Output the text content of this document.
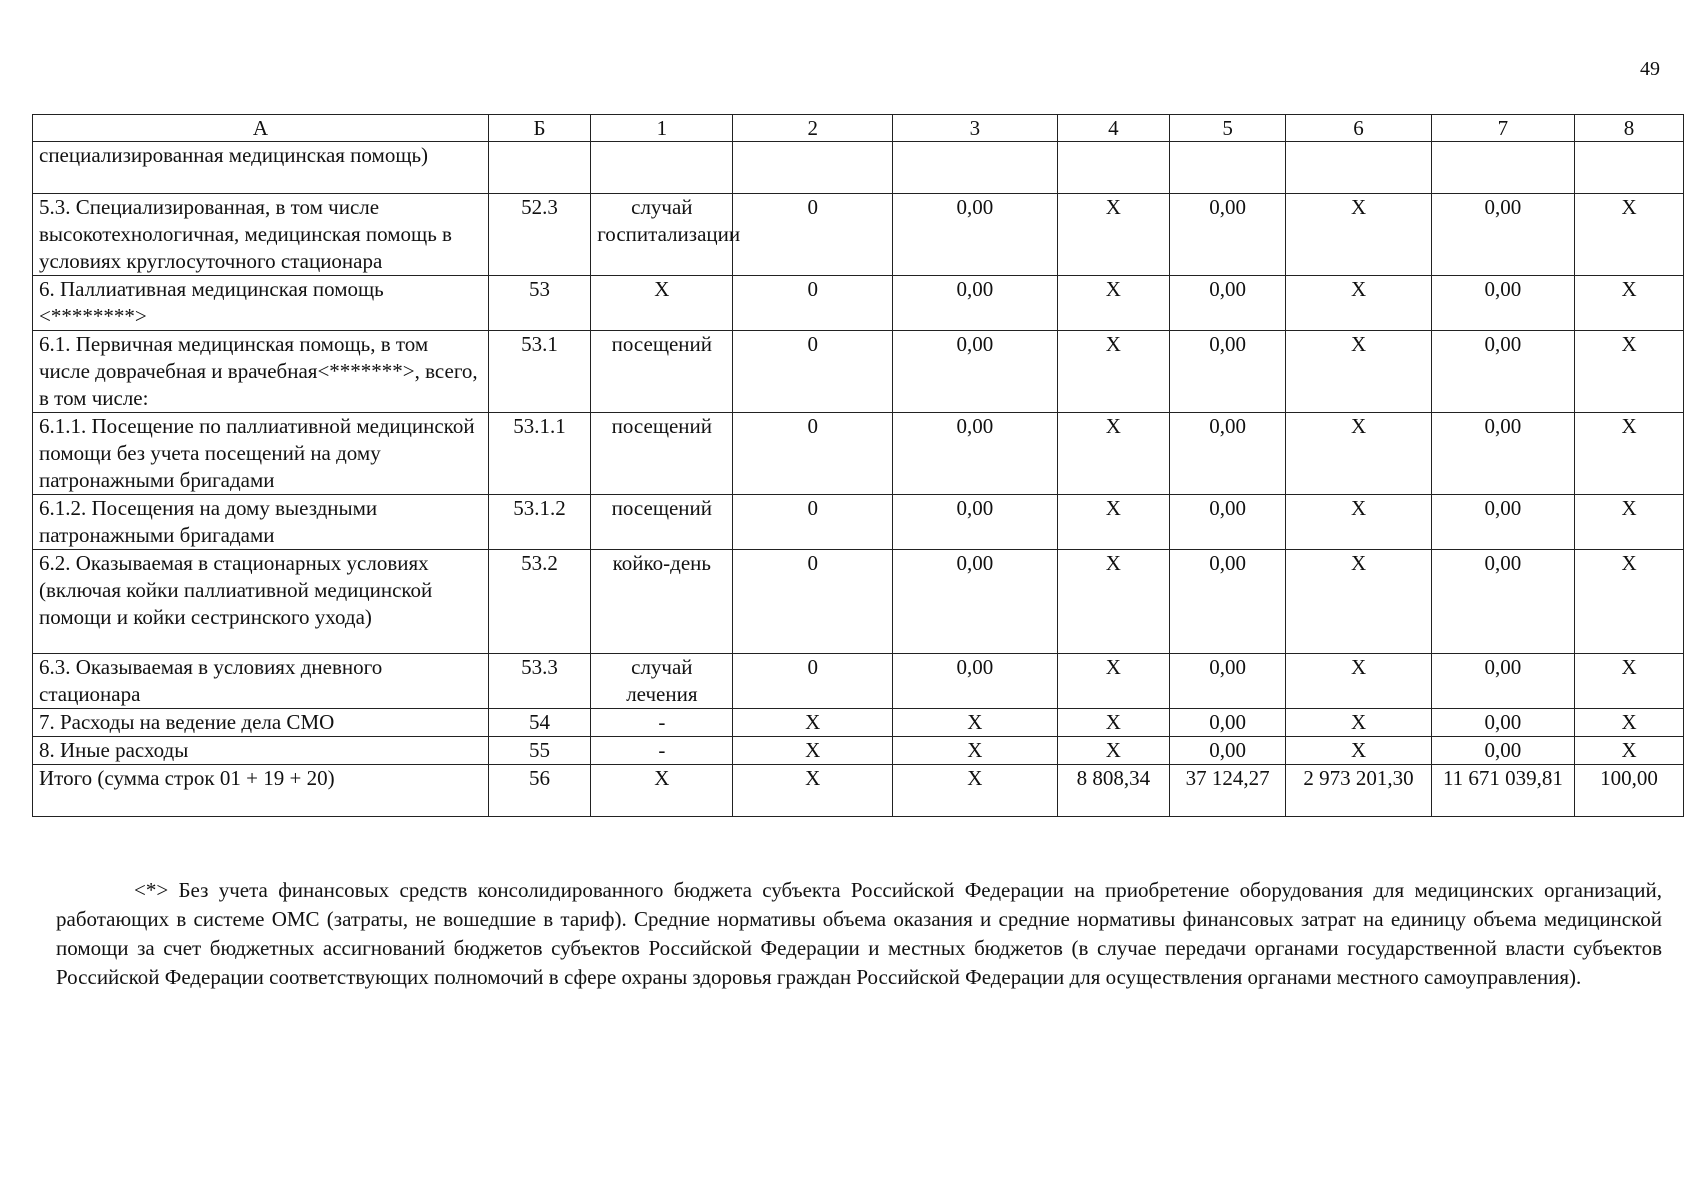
49
А	Б	1	2	3	4	5	6	7	8
специализированная медицинская помощь)									
5.3. Специализированная, в том числе высокотехнологичная, медицинская помощь в условиях круглосуточного стационара	52.3	случай госпитализации	0	0,00	X	0,00	X	0,00	X
6. Паллиативная медицинская помощь <********>	53	X	0	0,00	X	0,00	X	0,00	X
6.1. Первичная медицинская помощь, в том числе доврачебная и врачебная<*******>, всего, в том числе:	53.1	посещений	0	0,00	X	0,00	X	0,00	X
6.1.1. Посещение по паллиативной медицинской помощи без учета посещений на дому патронажными бригадами	53.1.1	посещений	0	0,00	X	0,00	X	0,00	X
6.1.2. Посещения на дому выездными патронажными бригадами	53.1.2	посещений	0	0,00	X	0,00	X	0,00	X
6.2. Оказываемая в стационарных условиях (включая койки паллиативной медицинской помощи и койки сестринского ухода)	53.2	койко-день	0	0,00	X	0,00	X	0,00	X
6.3. Оказываемая в условиях дневного стационара	53.3	случай лечения	0	0,00	X	0,00	X	0,00	X
7. Расходы на ведение дела СМО	54	-	X	X	X	0,00	X	0,00	X
8. Иные расходы	55	-	X	X	X	0,00	X	0,00	X
Итого (сумма строк 01 + 19 + 20)	56	X	X	X	8 808,34	37 124,27	2 973 201,30	11 671 039,81	100,00

<*> Без учета финансовых средств консолидированного бюджета субъекта Российской Федерации на приобретение оборудования для медицинских организаций, работающих в системе ОМС (затраты, не вошедшие в тариф). Средние нормативы объема оказания и средние нормативы финансовых затрат на единицу объема медицинской помощи за счет бюджетных ассигнований бюджетов субъектов Российской Федерации и местных бюджетов (в случае передачи органами государственной власти субъектов Российской Федерации соответствующих полномочий в сфере охраны здоровья граждан Российской Федерации для осуществления органами местного самоуправления).
